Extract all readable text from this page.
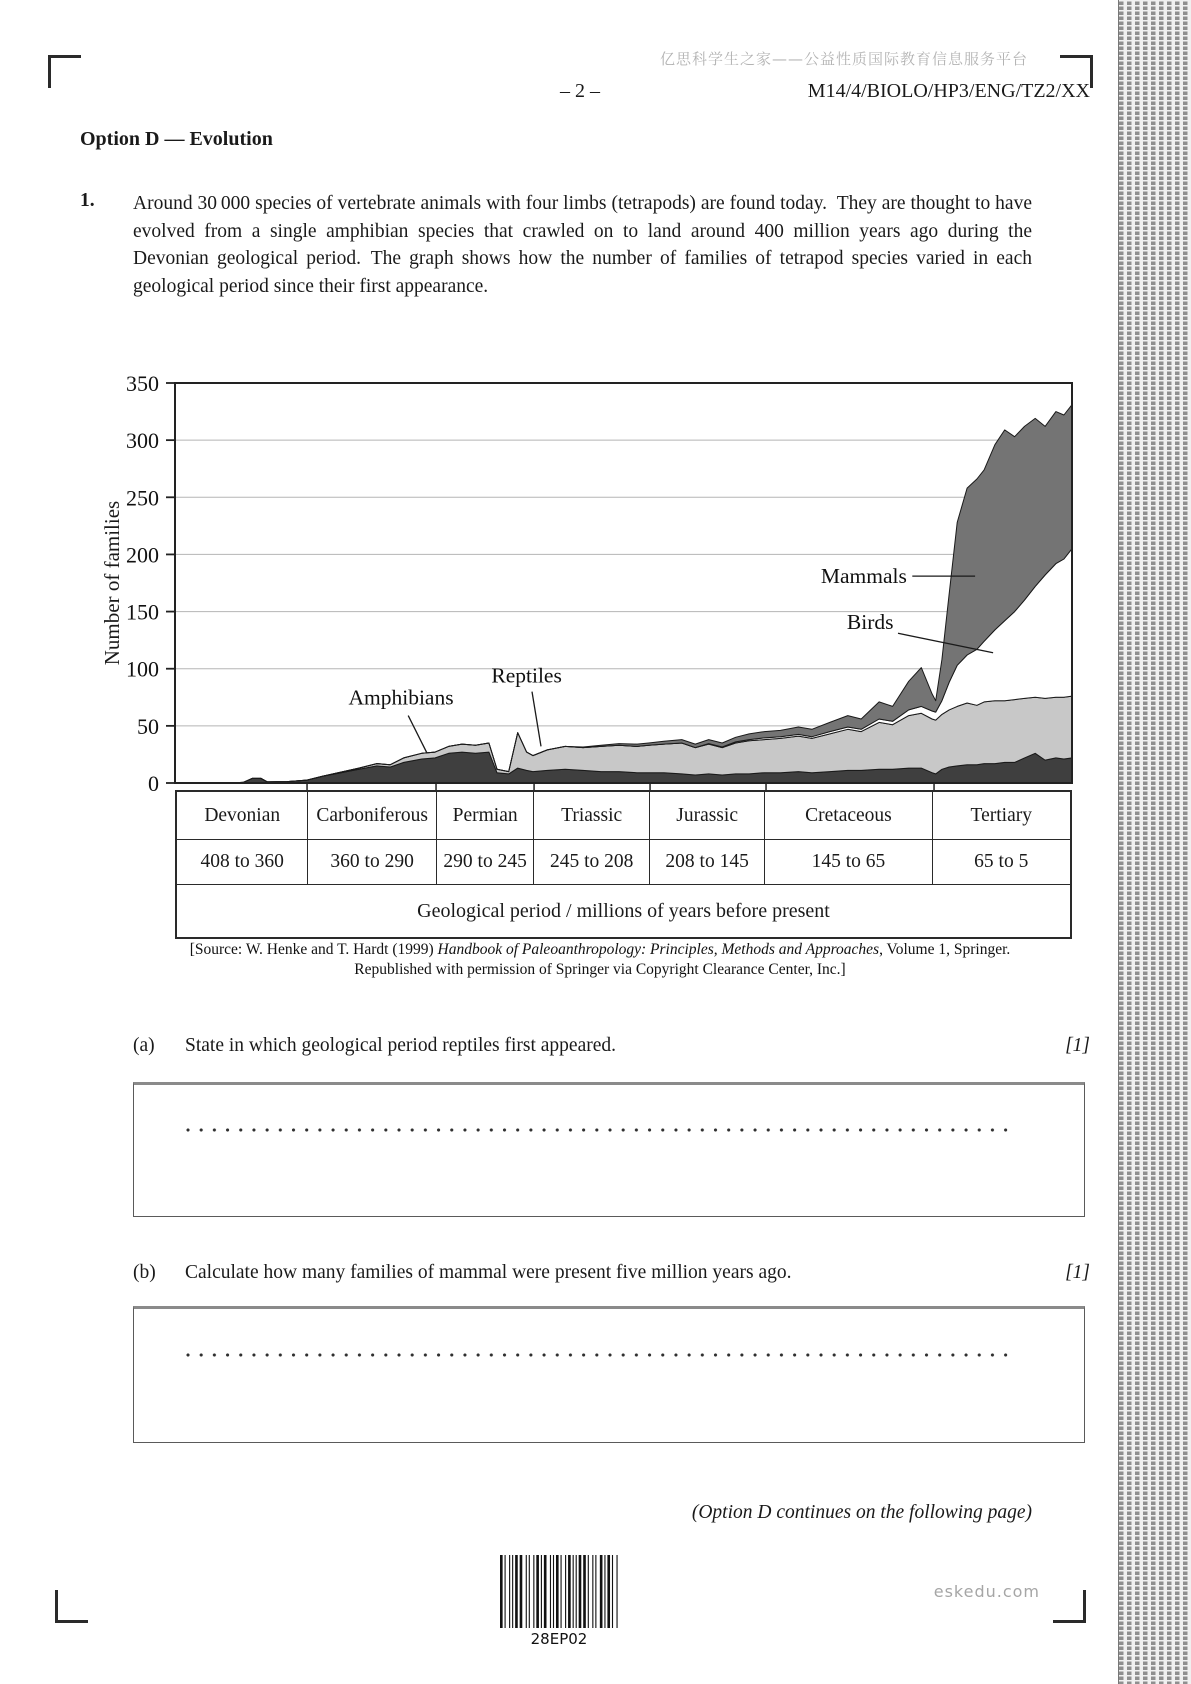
亿思科学生之家——公益性质国际教育信息服务平台
– 2 –	M14/4/BIOLO/HP3/ENG/TZ2/XX
Option D — Evolution
1. Around 30 000 species of vertebrate animals with four limbs (tetrapods) are found today. They are thought to have evolved from a single amphibian species that crawled on to land around 400 million years ago during the Devonian geological period. The graph shows how the number of families of tetrapod species varied in each geological period since their first appearance.
0
50
100
150
200
250
300
350
Amphibians
Reptiles
Mammals
Birds
Number of families
Devonian	Carboniferous	Permian	Triassic	Jurassic	Cretaceous	Tertiary
408 to 360	360 to 290	290 to 245	245 to 208	208 to 145	145 to 65	65 to 5
Geological period / millions of years before present
[Source: W. Henke and T. Hardt (1999) Handbook of Paleoanthropology: Principles, Methods and Approaches, Volume 1, Springer.
Republished with permission of Springer via Copyright Clearance Center, Inc.]
(a) State in which geological period reptiles first appeared.	[1]
(b) Calculate how many families of mammal were present five million years ago.	[1]
(Option D continues on the following page)
28EP02
eskedu.com
